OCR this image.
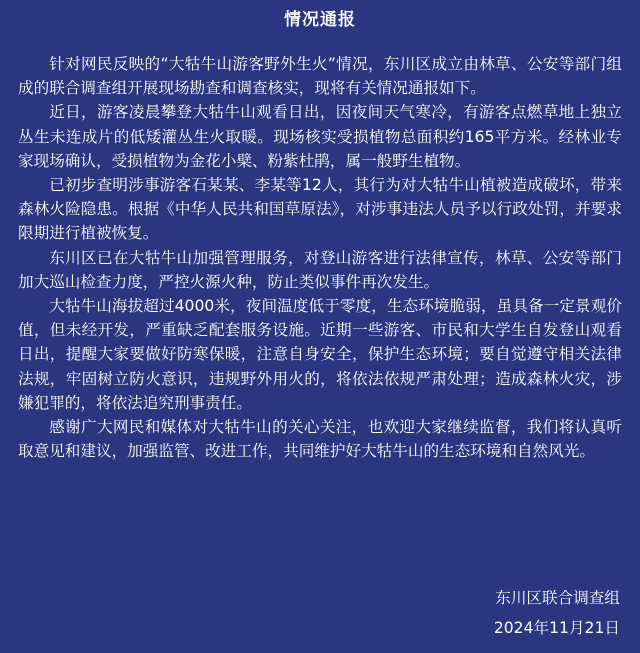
情况通报

针对网民反映的“大牯牛山游客野外生火”情况，东川区成立由林草、公安等部门组成的联合调查组开展现场勘查和调查核实，现将有关情况通报如下。

近日，游客凌晨攀登大牯牛山观看日出，因夜间天气寒冷，有游客点燃草地上独立丛生未连成片的低矮灌丛生火取暖。现场核实受损植物总面积约165平方米。经林业专家现场确认，受损植物为金花小檗、粉紫杜鹃，属一般野生植物。

已初步查明涉事游客石某某、李某等12人，其行为对大牯牛山植被造成破坏，带来森林火险隐患。根据《中华人民共和国草原法》，对涉事违法人员予以行政处罚，并要求限期进行植被恢复。

东川区已在大牯牛山加强管理服务，对登山游客进行法律宣传，林草、公安等部门加大巡山检查力度，严控火源火种，防止类似事件再次发生。

大牯牛山海拔超过4000米，夜间温度低于零度，生态环境脆弱，虽具备一定景观价值，但未经开发，严重缺乏配套服务设施。近期一些游客、市民和大学生自发登山观看日出，提醒大家要做好防寒保暖，注意自身安全，保护生态环境；要自觉遵守相关法律法规，牢固树立防火意识，违规野外用火的，将依法依规严肃处理；造成森林火灾，涉嫌犯罪的，将依法追究刑事责任。

感谢广大网民和媒体对大牯牛山的关心关注，也欢迎大家继续监督，我们将认真听取意见和建议，加强监管、改进工作，共同维护好大牯牛山的生态环境和自然风光。

东川区联合调查组
2024年11月21日
